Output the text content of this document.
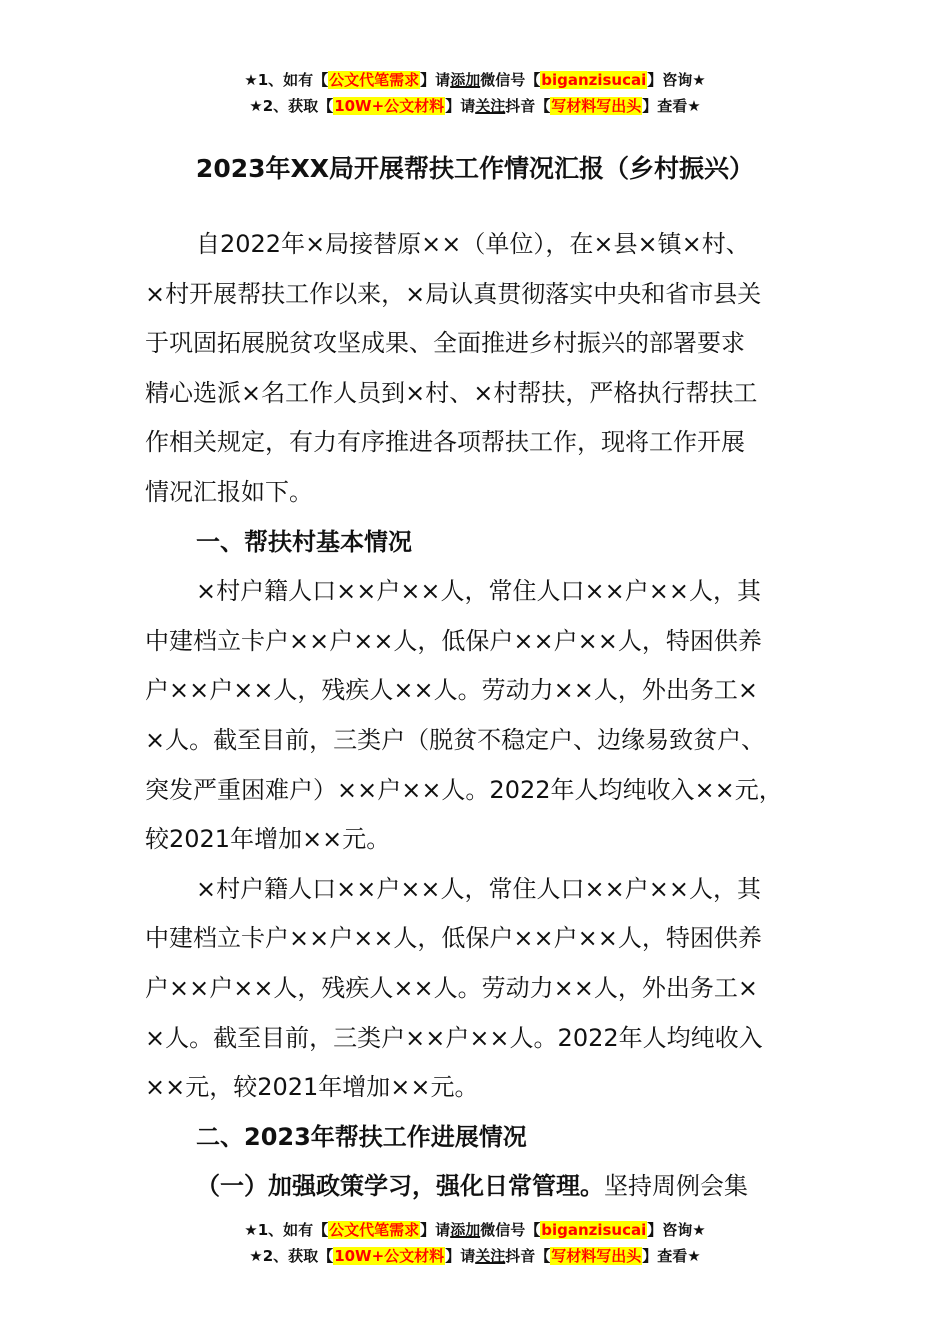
★1、如有【公文代笔需求】请添加微信号【biganzisucai】咨询★
★2、获取【10W+公文材料】请关注抖音【写材料写出头】查看★
2023年XX局开展帮扶工作情况汇报（乡村振兴）
自2022年×局接替原××（单位），在×县×镇×村、
×村开展帮扶工作以来，×局认真贯彻落实中央和省市县关
于巩固拓展脱贫攻坚成果、全面推进乡村振兴的部署要求
精心选派×名工作人员到×村、×村帮扶，严格执行帮扶工
作相关规定，有力有序推进各项帮扶工作，现将工作开展
情况汇报如下。
一、帮扶村基本情况
×村户籍人口××户××人，常住人口××户××人，其
中建档立卡户××户××人，低保户××户××人，特困供养
户××户××人，残疾人××人。劳动力××人，外出务工×
×人。截至目前，三类户（脱贫不稳定户、边缘易致贫户、
突发严重困难户）××户××人。2022年人均纯收入××元，
较2021年增加××元。
×村户籍人口××户××人，常住人口××户××人，其
中建档立卡户××户××人，低保户××户××人，特困供养
户××户××人，残疾人××人。劳动力××人，外出务工×
×人。截至目前，三类户××户××人。2022年人均纯收入
××元，较2021年增加××元。
二、2023年帮扶工作进展情况
（一）加强政策学习，强化日常管理。坚持周例会集
★1、如有【公文代笔需求】请添加微信号【biganzisucai】咨询★
★2、获取【10W+公文材料】请关注抖音【写材料写出头】查看★
